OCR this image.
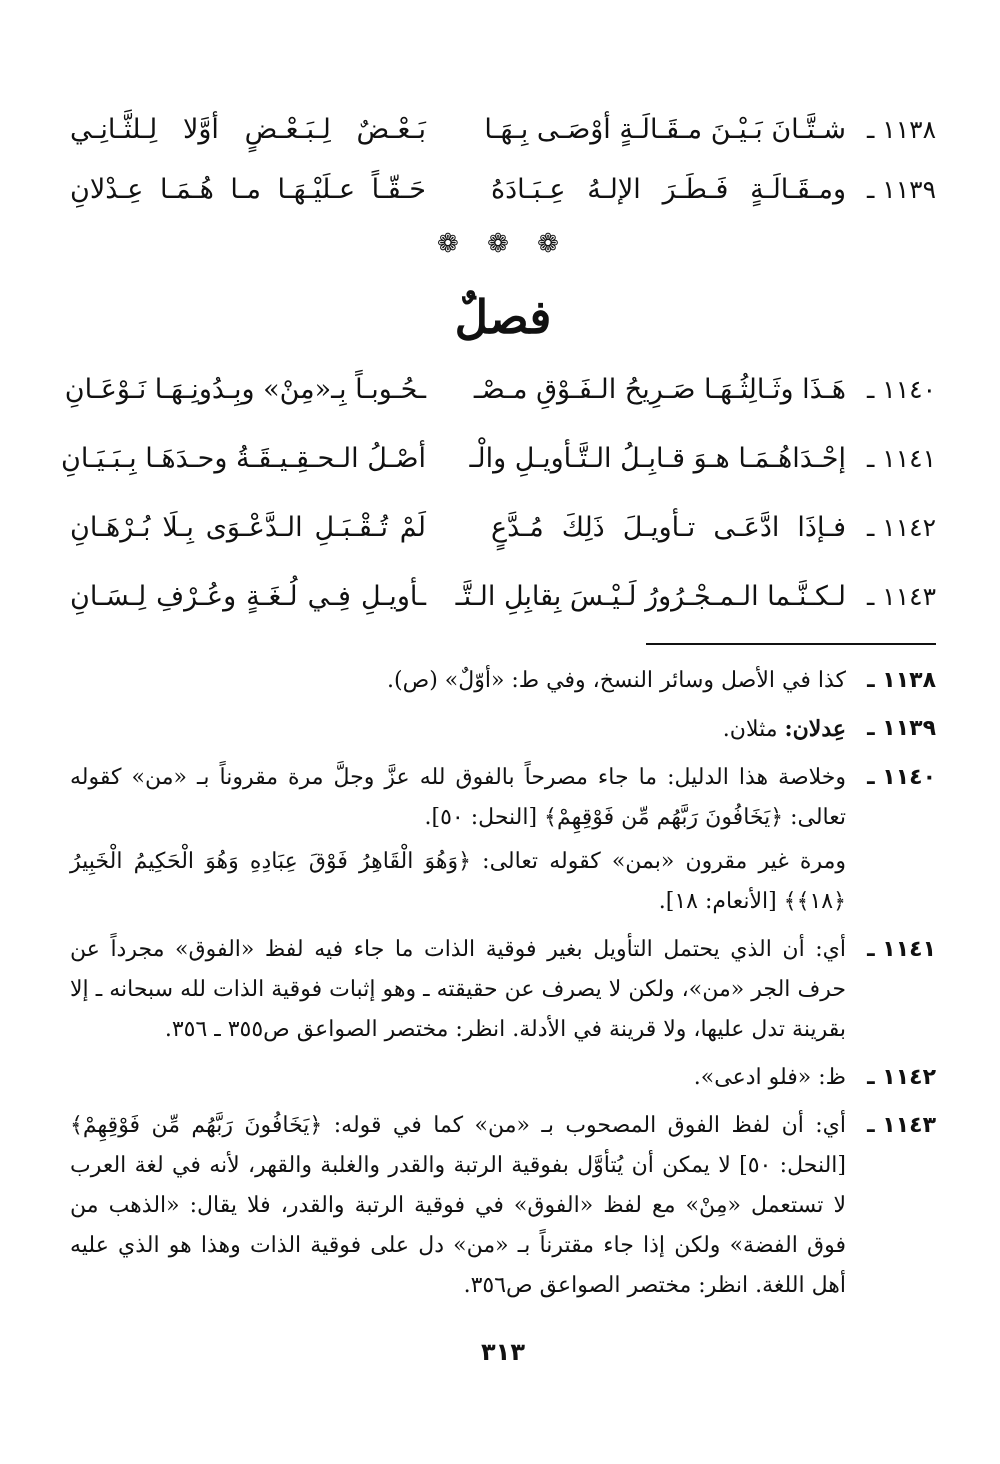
١١٣٨ ـ
شـتَّـانَ بَـيْـنَ مـقَـالَـةٍ أوْصَـى بِـهَـا
بَـعْـضٌ لِـبَـعْـضٍ أوَّلا لِـلثَّـانِـي
١١٣٩ ـ
ومـقَـالَـةٍ فَـطَـرَ الإلـهُ عِـبَـادَهُ
حَـقّـاً عـلَيْـهَـا مـا هُـمَـا عِـدْلانِ
❁ ❁ ❁
فصلٌ
١١٤٠ ـ
هَـذَا وثَـالِثُـهَـا صَـرِيحُ الـفَـوْقِ مـصْـ
ـحُـوبـاً بِـ«مِنْ» وبِـدُونِـهَـا نَـوْعَـانِ
١١٤١ ـ
إحْـدَاهُـمَـا هـوَ قـابِـلُ الـتَّـأويـلِ والْـ
أصْـلُ الـحـقِـيـقَـةُ وحـدَهَـا بِـبَـيَـانِ
١١٤٢ ـ
فـإذَا ادَّعَـى تـأويـلَ ذَلِكَ مُـدَّعٍ
لَمْ تُـقْـبَـلِ الـدَّعْـوَى بِـلَا بُـرْهَـانِ
١١٤٣ ـ
لـكـنَّـما الـمـجْـرُورُ لَـيْـسَ بِقابِلِ الـتَّـ
ـأويـلِ فِـي لُـغَـةٍ وعُـرْفِ لِـسَـانِ
١١٣٨ ـ

كذا في الأصل وسائر النسخ، وفي ط: «أوّلٌ» (ص).

١١٣٩ ـ

عِدلان: مثلان.

١١٤٠ ـ

وخلاصة هذا الدليل: ما جاء مصرحاً بالفوق لله عزَّ وجلَّ مرة مقروناً بـ «من» كقوله تعالى: ﴿يَخَافُونَ رَبَّهُم مِّن فَوْقِهِمْ﴾ [النحل: ٥٠].

ومرة غير مقرون «بمن» كقوله تعالى: ﴿وَهُوَ الْقَاهِرُ فَوْقَ عِبَادِهِ وَهُوَ الْحَكِيمُ الْخَبِيرُ ﴿١٨﴾﴾ [الأنعام: ١٨].

١١٤١ ـ

أي: أن الذي يحتمل التأويل بغير فوقية الذات ما جاء فيه لفظ «الفوق» مجرداً عن حرف الجر «من»، ولكن لا يصرف عن حقيقته ـ وهو إثبات فوقية الذات لله سبحانه ـ إلا بقرينة تدل عليها، ولا قرينة في الأدلة. انظر: مختصر الصواعق ص٣٥٥ ـ ٣٥٦.

١١٤٢ ـ

ظ: «فلو ادعى».

١١٤٣ ـ

أي: أن لفظ الفوق المصحوب بـ «من» كما في قوله: ﴿يَخَافُونَ رَبَّهُم مِّن فَوْقِهِمْ﴾ [النحل: ٥٠] لا يمكن أن يُتأوَّل بفوقية الرتبة والقدر والغلبة والقهر، لأنه في لغة العرب لا تستعمل «مِنْ» مع لفظ «الفوق» في فوقية الرتبة والقدر، فلا يقال: «الذهب من فوق الفضة» ولكن إذا جاء مقترناً بـ «من» دل على فوقية الذات وهذا هو الذي عليه أهل اللغة. انظر: مختصر الصواعق ص٣٥٦.

٣١٣
